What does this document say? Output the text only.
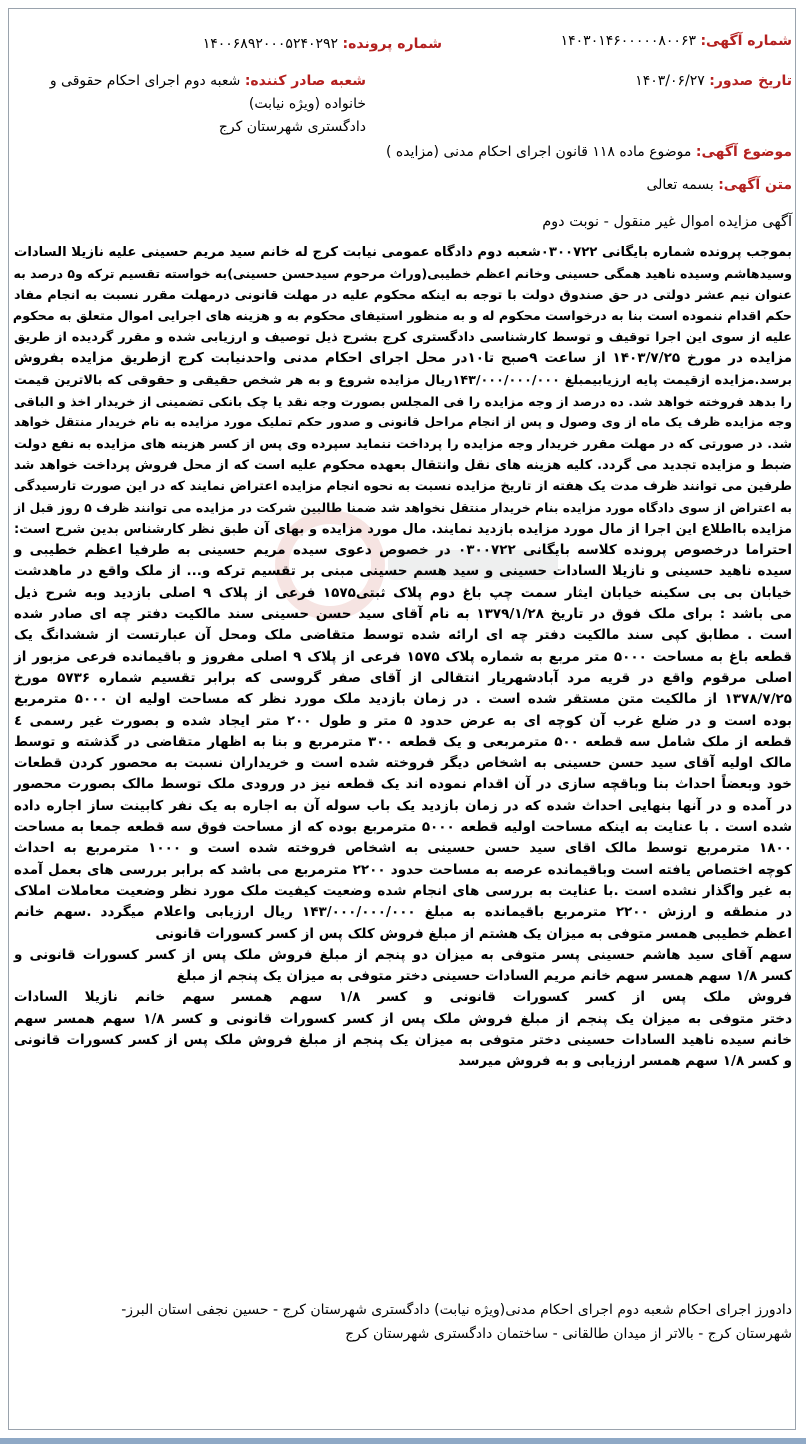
شماره آگهی: ۱۴۰۳۰۱۴۶۰۰۰۰۰۸۰۰۶۳
شماره پرونده: ۱۴۰۰۶۸۹۲۰۰۰۵۲۴۰۲۹۲
تاریخ صدور: ۱۴۰۳/۰۶/۲۷
شعبه صادر کننده: شعبه دوم اجرای احکام حقوقی و خانواده (ویژه نیابت)
دادگستری شهرستان کرج
موضوع آگهی: موضوع ماده ۱۱۸ قانون اجرای احکام مدنی (مزایده )
متن آگهی: بسمه تعالی
آگهی مزایده اموال غیر منقول - نوبت دوم
بموجب پرونده شماره بایگانی ۰۳۰۰۷۲۲شعبه دوم دادگاه عمومی نیابت کرج له خانم سید مریم حسینی علیه نازیلا السادات
وسیدهاشم وسیده ناهید همگی حسینی وخانم اعظم خطیبی(وراث مرحوم سیدحسن حسینی)به خواسته تقسیم ترکه و۵ درصد به
عنوان نیم عشر دولتی در حق صندوق دولت با توجه به اینکه محکوم علیه در مهلت قانونی درمهلت مقرر نسبت به انجام مفاد
حکم اقدام ننموده است بنا به درخواست محکوم له و به منظور استیفای محکوم به و هزینه های اجرایی اموال متعلق به محکوم
علیه از سوی این اجرا توقیف و توسط کارشناسی دادگستری کرج بشرح ذیل توصیف و ارزیابی شده و مقرر گردیده از طریق
مزایده در مورخ ۱۴۰۳/۷/۲۵ از ساعت ۹صبح تا۱۰در محل اجرای احکام مدنی واحدنیابت کرج ازطریق مزایده بفروش
برسد.مزایده ازقیمت پایه ارزیابیمبلغ ۱۴۳/۰۰۰/۰۰۰/۰۰۰ریال مزایده شروع و به هر شخص حقیقی و حقوقی که بالاترین قیمت
را بدهد فروخته خواهد شد. ده درصد از وجه مزایده را فی المجلس بصورت وجه نقد یا چک بانکی تضمینی از خریدار اخذ و الباقی
وجه مزایده ظرف یک ماه از وی وصول و پس از انجام مراحل قانونی و صدور حکم تملیک مورد مزایده به نام خریدار منتقل خواهد
شد. در صورتی که در مهلت مقرر خریدار وجه مزایده را پرداخت ننماید سپرده وی پس از کسر هزینه های مزایده به نفع دولت
ضبط و مزایده تجدید می گردد. کلیه هزینه های نقل وانتقال بعهده محکوم علیه است که از محل فروش پرداخت خواهد شد
طرفین می توانند ظرف مدت یک هفته از تاریخ مزایده نسبت به نحوه انجام مزایده اعتراض نمایند که در این صورت تارسیدگی
به اعتراض از سوی دادگاه مورد مزایده بنام خریدار منتقل نخواهد شد ضمنا طالبین شرکت در مزایده می توانند ظرف ۵ روز قبل از
مزایده بااطلاع این اجرا از مال مورد مزایده بازدید نمایند. مال مورد مزایده و بهای آن طبق نظر کارشناس بدین شرح است:
احتراما درخصوص پرونده کلاسه بایگانی ۰۳۰۰۷۲۲ در خصوص دعوی سیده مریم حسینی به طرفیا اعظم خطیبی و
سیده ناهید حسینی و نازیلا السادات حسینی و سید هسم حسینی مبنی بر تقسیم ترکه و... از ملک واقع در ماهدشت
خیابان بی بی سکینه خیابان ایثار سمت چپ باغ دوم پلاک ثبتی۱۵۷۵ فرعی از پلاک ۹ اصلی بازدید وبه شرح ذیل
می باشد : برای ملک فوق در تاریخ ۱۳۷۹/۱/۲۸ به نام آقای سید حسن حسینی سند مالکیت دفتر چه ای صادر شده
است . مطابق کپی سند مالکیت دفتر چه ای ارائه شده توسط متقاضی ملک ومحل آن عبارتست از ششدانگ یک
قطعه باغ به مساحت ۵۰۰۰ متر مربع به شماره پلاک ۱۵۷۵ فرعی از پلاک ۹ اصلی مفروز و باقیمانده فرعی مزبور از
اصلی مرقوم واقع در قریه مرد آبادشهریار انتقالی از آقای صفر گروسی که برابر تقسیم شماره ۵۷۳۶ مورخ
۱۳۷۸/۷/۲۵ از مالکیت متن مستقر شده است . در زمان بازدید ملک مورد نظر که مساحت اولیه ان ۵۰۰۰ مترمربع
بوده است و در ضلع غرب آن کوچه ای به عرض حدود ۵ متر و طول ۲۰۰ متر ایجاد شده و بصورت غیر رسمی ٤
قطعه از ملک شامل سه قطعه ۵۰۰ مترمربعی و یک قطعه ۳۰۰ مترمربع و بنا به اظهار متقاضی در گذشته و توسط
مالک اولیه آقای سید حسن حسینی به اشخاص دیگر فروخته شده است و خریداران نسبت به محصور کردن قطعات
خود وبعضاً احداث بنا وباقچه سازی در آن اقدام نموده اند یک قطعه نیز در ورودی ملک توسط مالک بصورت محصور
در آمده و در آنها بنهایی احداث شده که در زمان بازدید یک باب سوله آن به اجاره به یک نفر کابینت ساز اجاره داده
شده است . با عنایت به اینکه مساحت اولیه قطعه ۵۰۰۰ مترمربع بوده که از مساحت فوق سه قطعه جمعا به مساحت
۱۸۰۰ مترمربع توسط مالک اقای سید حسن حسینی به اشخاص فروخته شده است و ۱۰۰۰ مترمربع به احداث
کوچه اختصاص یافته است وباقیمانده عرصه به مساحت حدود ۲۲۰۰ مترمربع می باشد که برابر بررسی های بعمل آمده
به غیر واگذار نشده است .با عنایت به بررسی های انجام شده وضعیت کیفیت ملک مورد نظر وضعیت معاملات املاک
در منطقه و ارزش ۲۲۰۰ مترمربع باقیمانده به مبلغ ۱۴۳/۰۰۰/۰۰۰/۰۰۰ ریال ارزیابی واعلام میگردد .سهم خانم
اعظم خطیبی همسر متوفی به میزان یک هشتم از مبلغ فروش کلک پس از کسر کسورات قانونی
سهم آقای سید هاشم حسینی پسر متوفی به میزان دو پنجم از مبلغ فروش ملک پس از کسر کسورات قانونی و
کسر ۱/۸ سهم همسر سهم خانم مریم السادات حسینی دختر متوفی به میزان یک پنجم از مبلغ
فروش ملک پس از کسر کسورات قانونی و کسر ۱/۸ سهم همسر سهم خانم نازیلا السادات
دختر متوفی به میزان یک پنجم از مبلغ فروش ملک پس از کسر کسورات قانونی و کسر ۱/۸ سهم همسر سهم
خانم سیده ناهید السادات حسینی دختر متوفی به میزان یک پنجم از مبلغ فروش ملک پس از کسر کسورات قانونی
و کسر ۱/۸ سهم همسر ارزیابی و به فروش میرسد
دادورز اجرای احکام شعبه دوم اجرای احکام مدنی(ویژه نیابت) دادگستری شهرستان کرج - حسین نجفی استان البرز-
شهرستان کرج - بالاتر از میدان طالقانی - ساختمان دادگستری شهرستان کرج
